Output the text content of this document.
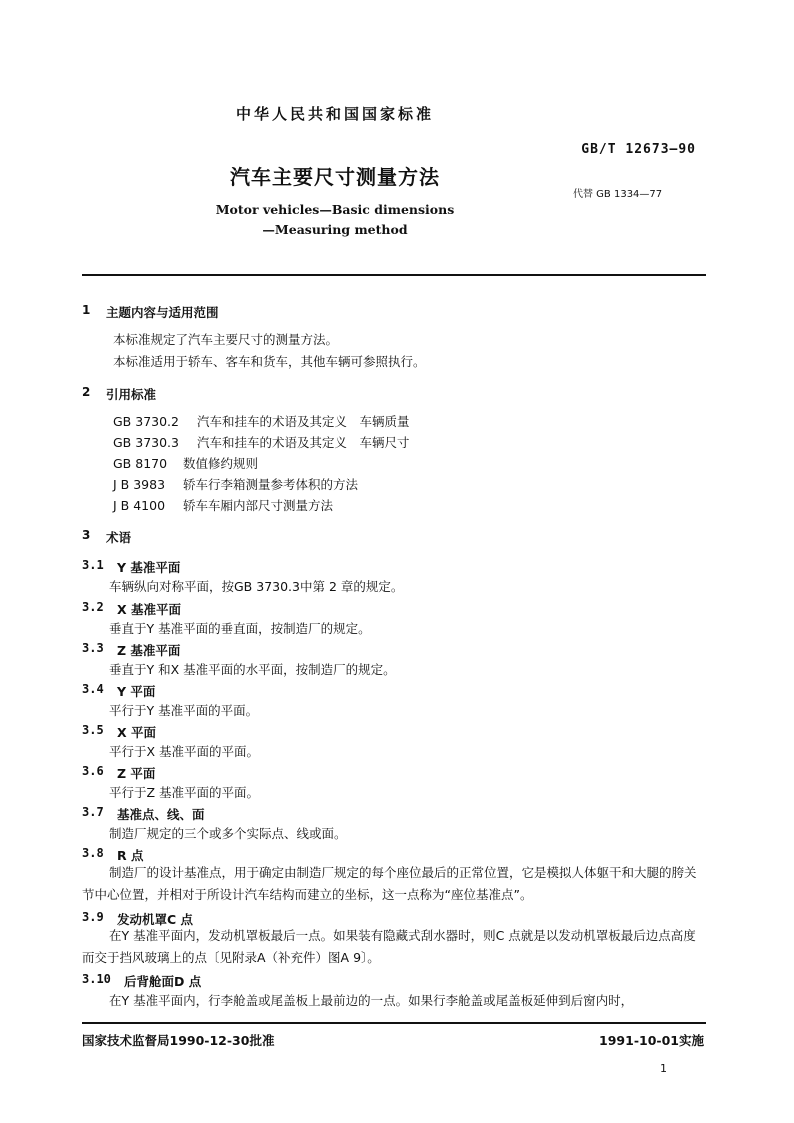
中华人民共和国国家标准
GB/T 12673—90
汽车主要尺寸测量方法
代替 GB 1334—77
Motor vehicles—Basic dimensions
—Measuring method
1 主题内容与适用范围
本标准规定了汽车主要尺寸的测量方法。
本标准适用于轿车、客车和货车，其他车辆可参照执行。
2 引用标准
GB 3730.2 汽车和挂车的术语及其定义　车辆质量
GB 3730.3 汽车和挂车的术语及其定义　车辆尺寸
GB 8170 数值修约规则
J B 3983 轿车行李箱测量参考体积的方法
J B 4100 轿车车厢内部尺寸测量方法
3 术语
3.1 Y 基准平面
车辆纵向对称平面，按GB 3730.3中第 2 章的规定。
3.2 X 基准平面
垂直于Y 基准平面的垂直面，按制造厂的规定。
3.3 Z 基准平面
垂直于Y 和X 基准平面的水平面，按制造厂的规定。
3.4 Y 平面
平行于Y 基准平面的平面。
3.5 X 平面
平行于X 基准平面的平面。
3.6 Z 平面
平行于Z 基准平面的平面。
3.7 基准点、线、面
制造厂规定的三个或多个实际点、线或面。
3.8 R 点
制造厂的设计基准点，用于确定由制造厂规定的每个座位最后的正常位置，它是模拟人体躯干和大腿的胯关节中心位置，并相对于所设计汽车结构而建立的坐标，这一点称为“座位基准点”。
3.9 发动机罩C 点
在Y 基准平面内，发动机罩板最后一点。如果装有隐藏式刮水器时，则C 点就是以发动机罩板最后边点高度而交于挡风玻璃上的点〔见附录A（补充件）图A 9〕。
3.10 后背舱面D 点
在Y 基准平面内，行李舱盖或尾盖板上最前边的一点。如果行李舱盖或尾盖板延伸到后窗内时，
国家技术监督局1990-12-30批准	1991-10-01实施
1
